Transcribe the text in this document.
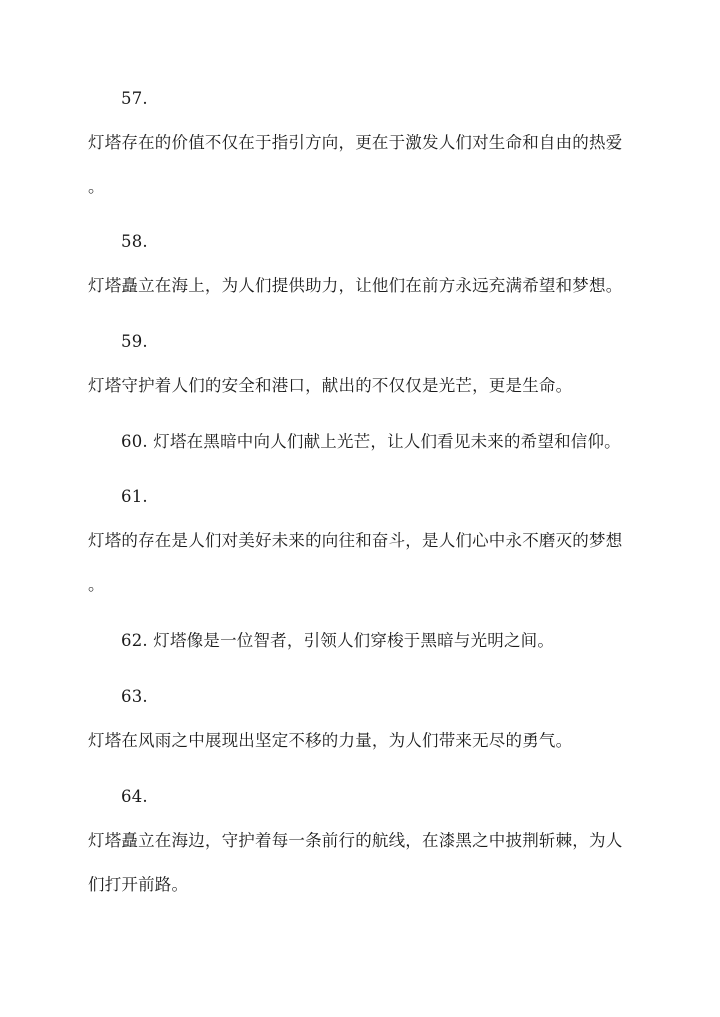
57.
灯塔存在的价值不仅在于指引方向，更在于激发人们对生命和自由的热爱
。
58.
灯塔矗立在海上，为人们提供助力，让他们在前方永远充满希望和梦想。
59.
灯塔守护着人们的安全和港口，献出的不仅仅是光芒，更是生命。
60. 灯塔在黑暗中向人们献上光芒，让人们看见未来的希望和信仰。
61.
灯塔的存在是人们对美好未来的向往和奋斗，是人们心中永不磨灭的梦想
。
62. 灯塔像是一位智者，引领人们穿梭于黑暗与光明之间。
63.
灯塔在风雨之中展现出坚定不移的力量，为人们带来无尽的勇气。
64.
灯塔矗立在海边，守护着每一条前行的航线，在漆黑之中披荆斩棘，为人
们打开前路。
